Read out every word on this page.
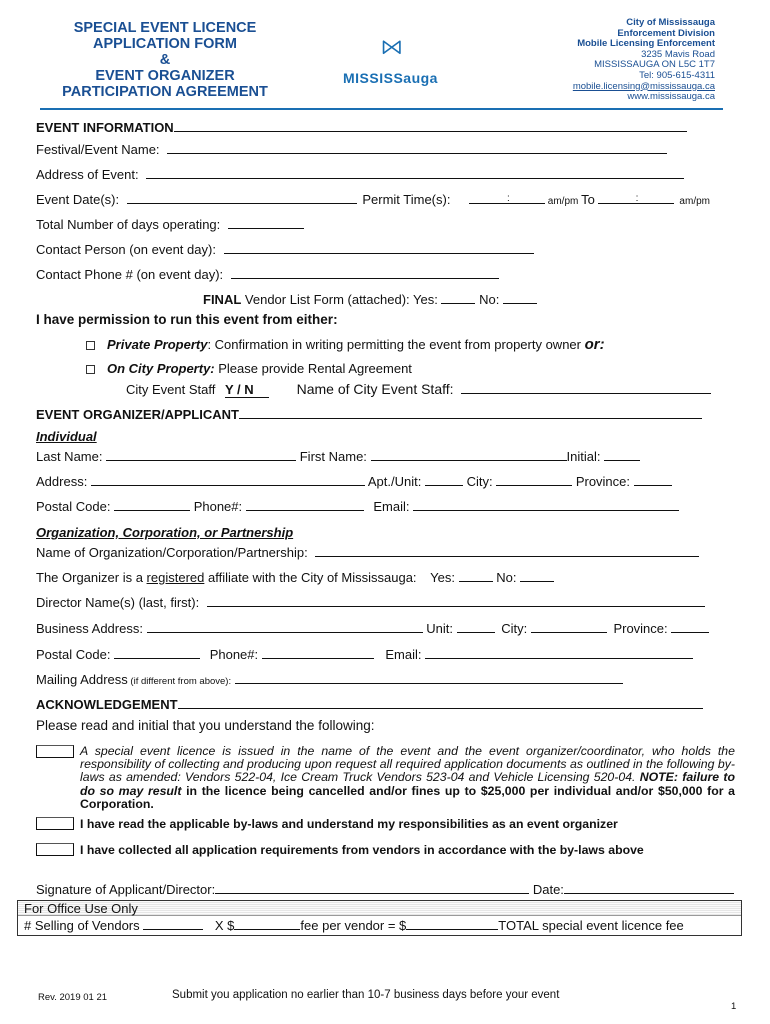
SPECIAL EVENT LICENCE
APPLICATION FORM
&
EVENT ORGANIZER
PARTICIPATION AGREEMENT
MISSISSauga
City of Mississauga
Enforcement Division
Mobile Licensing Enforcement
3235 Mavis Road
MISSISSAUGA ON L5C 1T7
Tel: 905-615-4311
mobile.licensing@mississauga.ca
www.mississauga.ca
EVENT INFORMATION
Festival/Event Name:
Address of Event:
Event Date(s):	Permit Time(s):	:	am/pm To	:	am/pm
Total Number of days operating:
Contact Person (on event day):
Contact Phone # (on event day):
FINAL Vendor List Form (attached): Yes:	No:
I have permission to run this event from either:
Private Property: Confirmation in writing permitting the event from property owner or:
On City Property: Please provide Rental Agreement
City Event Staff Y / N	Name of City Event Staff:
EVENT ORGANIZER/APPLICANT
Individual
Last Name:	First Name:	Initial:
Address:	Apt./Unit:	City:	Province:
Postal Code:	Phone#:	Email:
Organization, Corporation, or Partnership
Name of Organization/Corporation/Partnership:
The Organizer is a registered affiliate with the City of Mississauga: Yes:	No:
Director Name(s) (last, first):
Business Address:	Unit:	City:	Province:
Postal Code:	Phone#:	Email:
Mailing Address (if different from above):
ACKNOWLEDGEMENT
Please read and initial that you understand the following:
A special event licence is issued in the name of the event and the event organizer/coordinator, who holds the responsibility of collecting and producing upon request all required application documents as outlined in the following by-laws as amended: Vendors 522-04, Ice Cream Truck Vendors 523-04 and Vehicle Licensing 520-04. NOTE: failure to do so may result in the licence being cancelled and/or fines up to $25,000 per individual and/or $50,000 for a Corporation.
I have read the applicable by-laws and understand my responsibilities as an event organizer
I have collected all application requirements from vendors in accordance with the by-laws above
Signature of Applicant/Director:	Date:
For Office Use Only
# Selling of Vendors	X $	fee per vendor = $	TOTAL special event licence fee
Rev. 2019 01 21	Submit you application no earlier than 10-7 business days before your event
1
